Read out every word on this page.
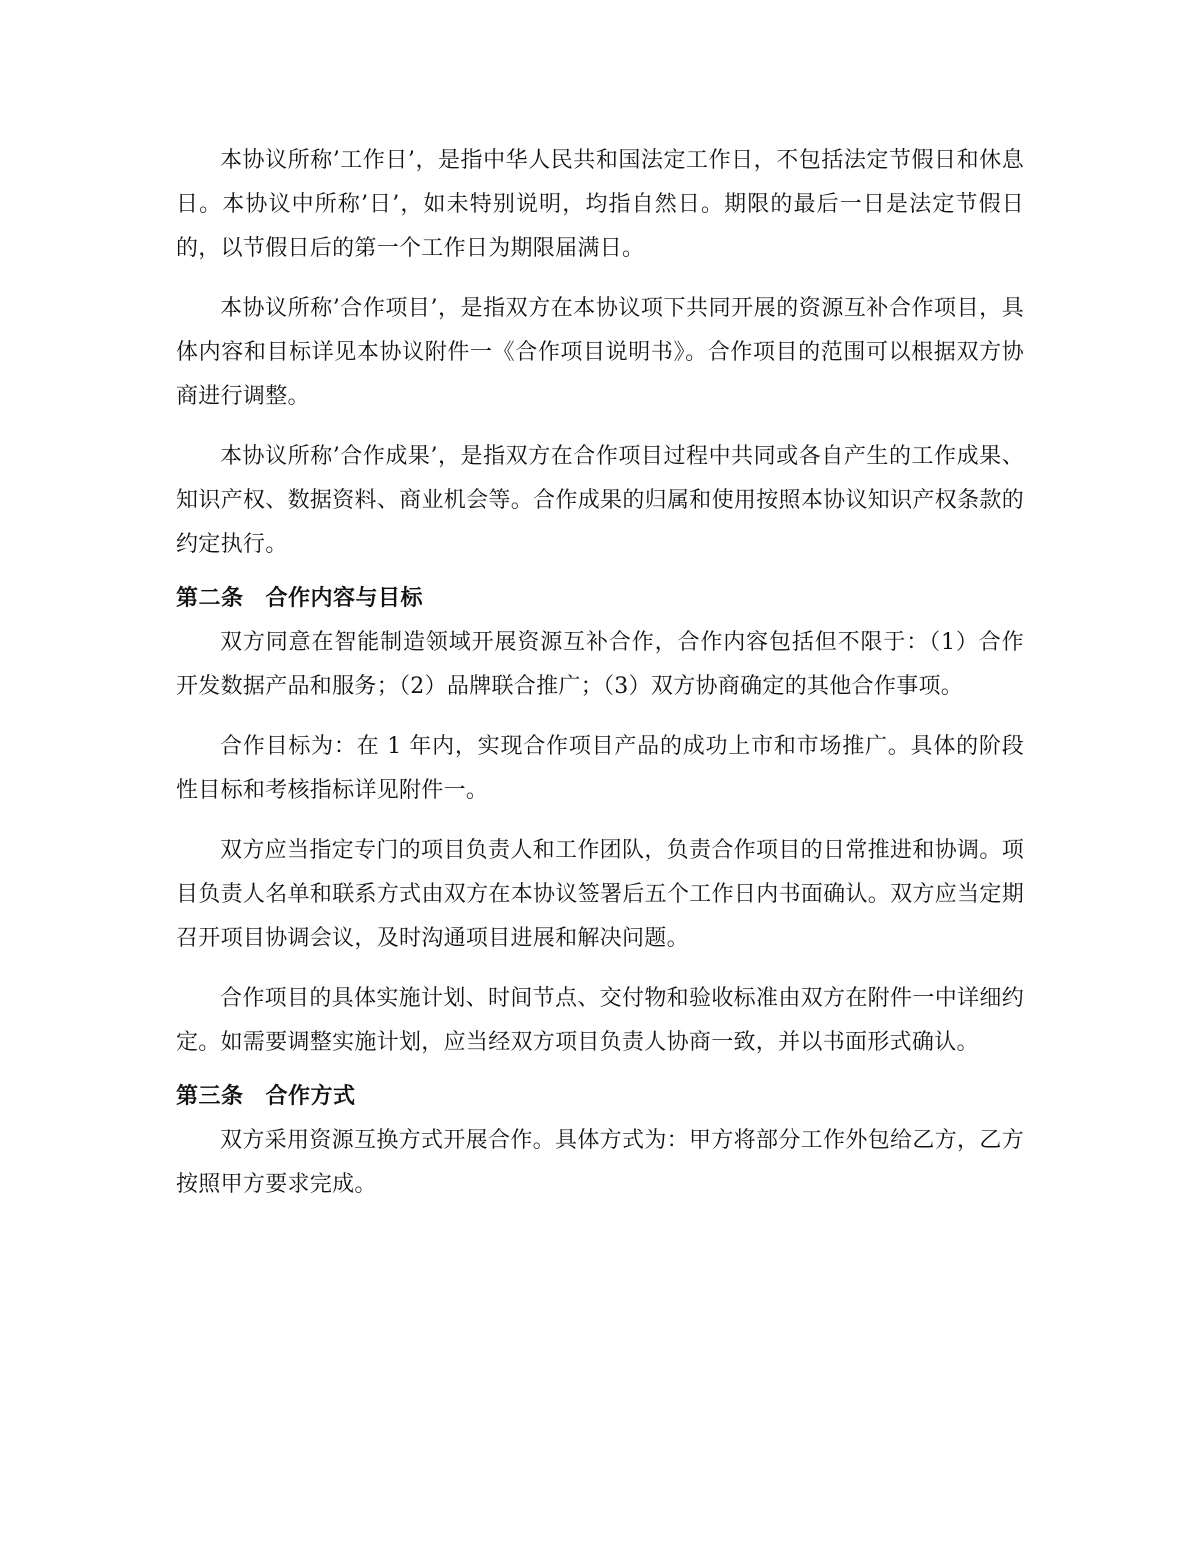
本协议所称’工作日’，是指中华人民共和国法定工作日，不包括法定节假日和休息日。本协议中所称’日’，如未特别说明，均指自然日。期限的最后一日是法定节假日的，以节假日后的第一个工作日为期限届满日。

本协议所称’合作项目’，是指双方在本协议项下共同开展的资源互补合作项目，具体内容和目标详见本协议附件一《合作项目说明书》。合作项目的范围可以根据双方协商进行调整。

本协议所称’合作成果’，是指双方在合作项目过程中共同或各自产生的工作成果、知识产权、数据资料、商业机会等。合作成果的归属和使用按照本协议知识产权条款的约定执行。

第二条 合作内容与目标

双方同意在智能制造领域开展资源互补合作，合作内容包括但不限于：（1）合作开发数据产品和服务；（2）品牌联合推广；（3）双方协商确定的其他合作事项。

合作目标为：在 1 年内，实现合作项目产品的成功上市和市场推广。具体的阶段性目标和考核指标详见附件一。

双方应当指定专门的项目负责人和工作团队，负责合作项目的日常推进和协调。项目负责人名单和联系方式由双方在本协议签署后五个工作日内书面确认。双方应当定期召开项目协调会议，及时沟通项目进展和解决问题。

合作项目的具体实施计划、时间节点、交付物和验收标准由双方在附件一中详细约定。如需要调整实施计划，应当经双方项目负责人协商一致，并以书面形式确认。

第三条 合作方式

双方采用资源互换方式开展合作。具体方式为：甲方将部分工作外包给乙方，乙方按照甲方要求完成。
